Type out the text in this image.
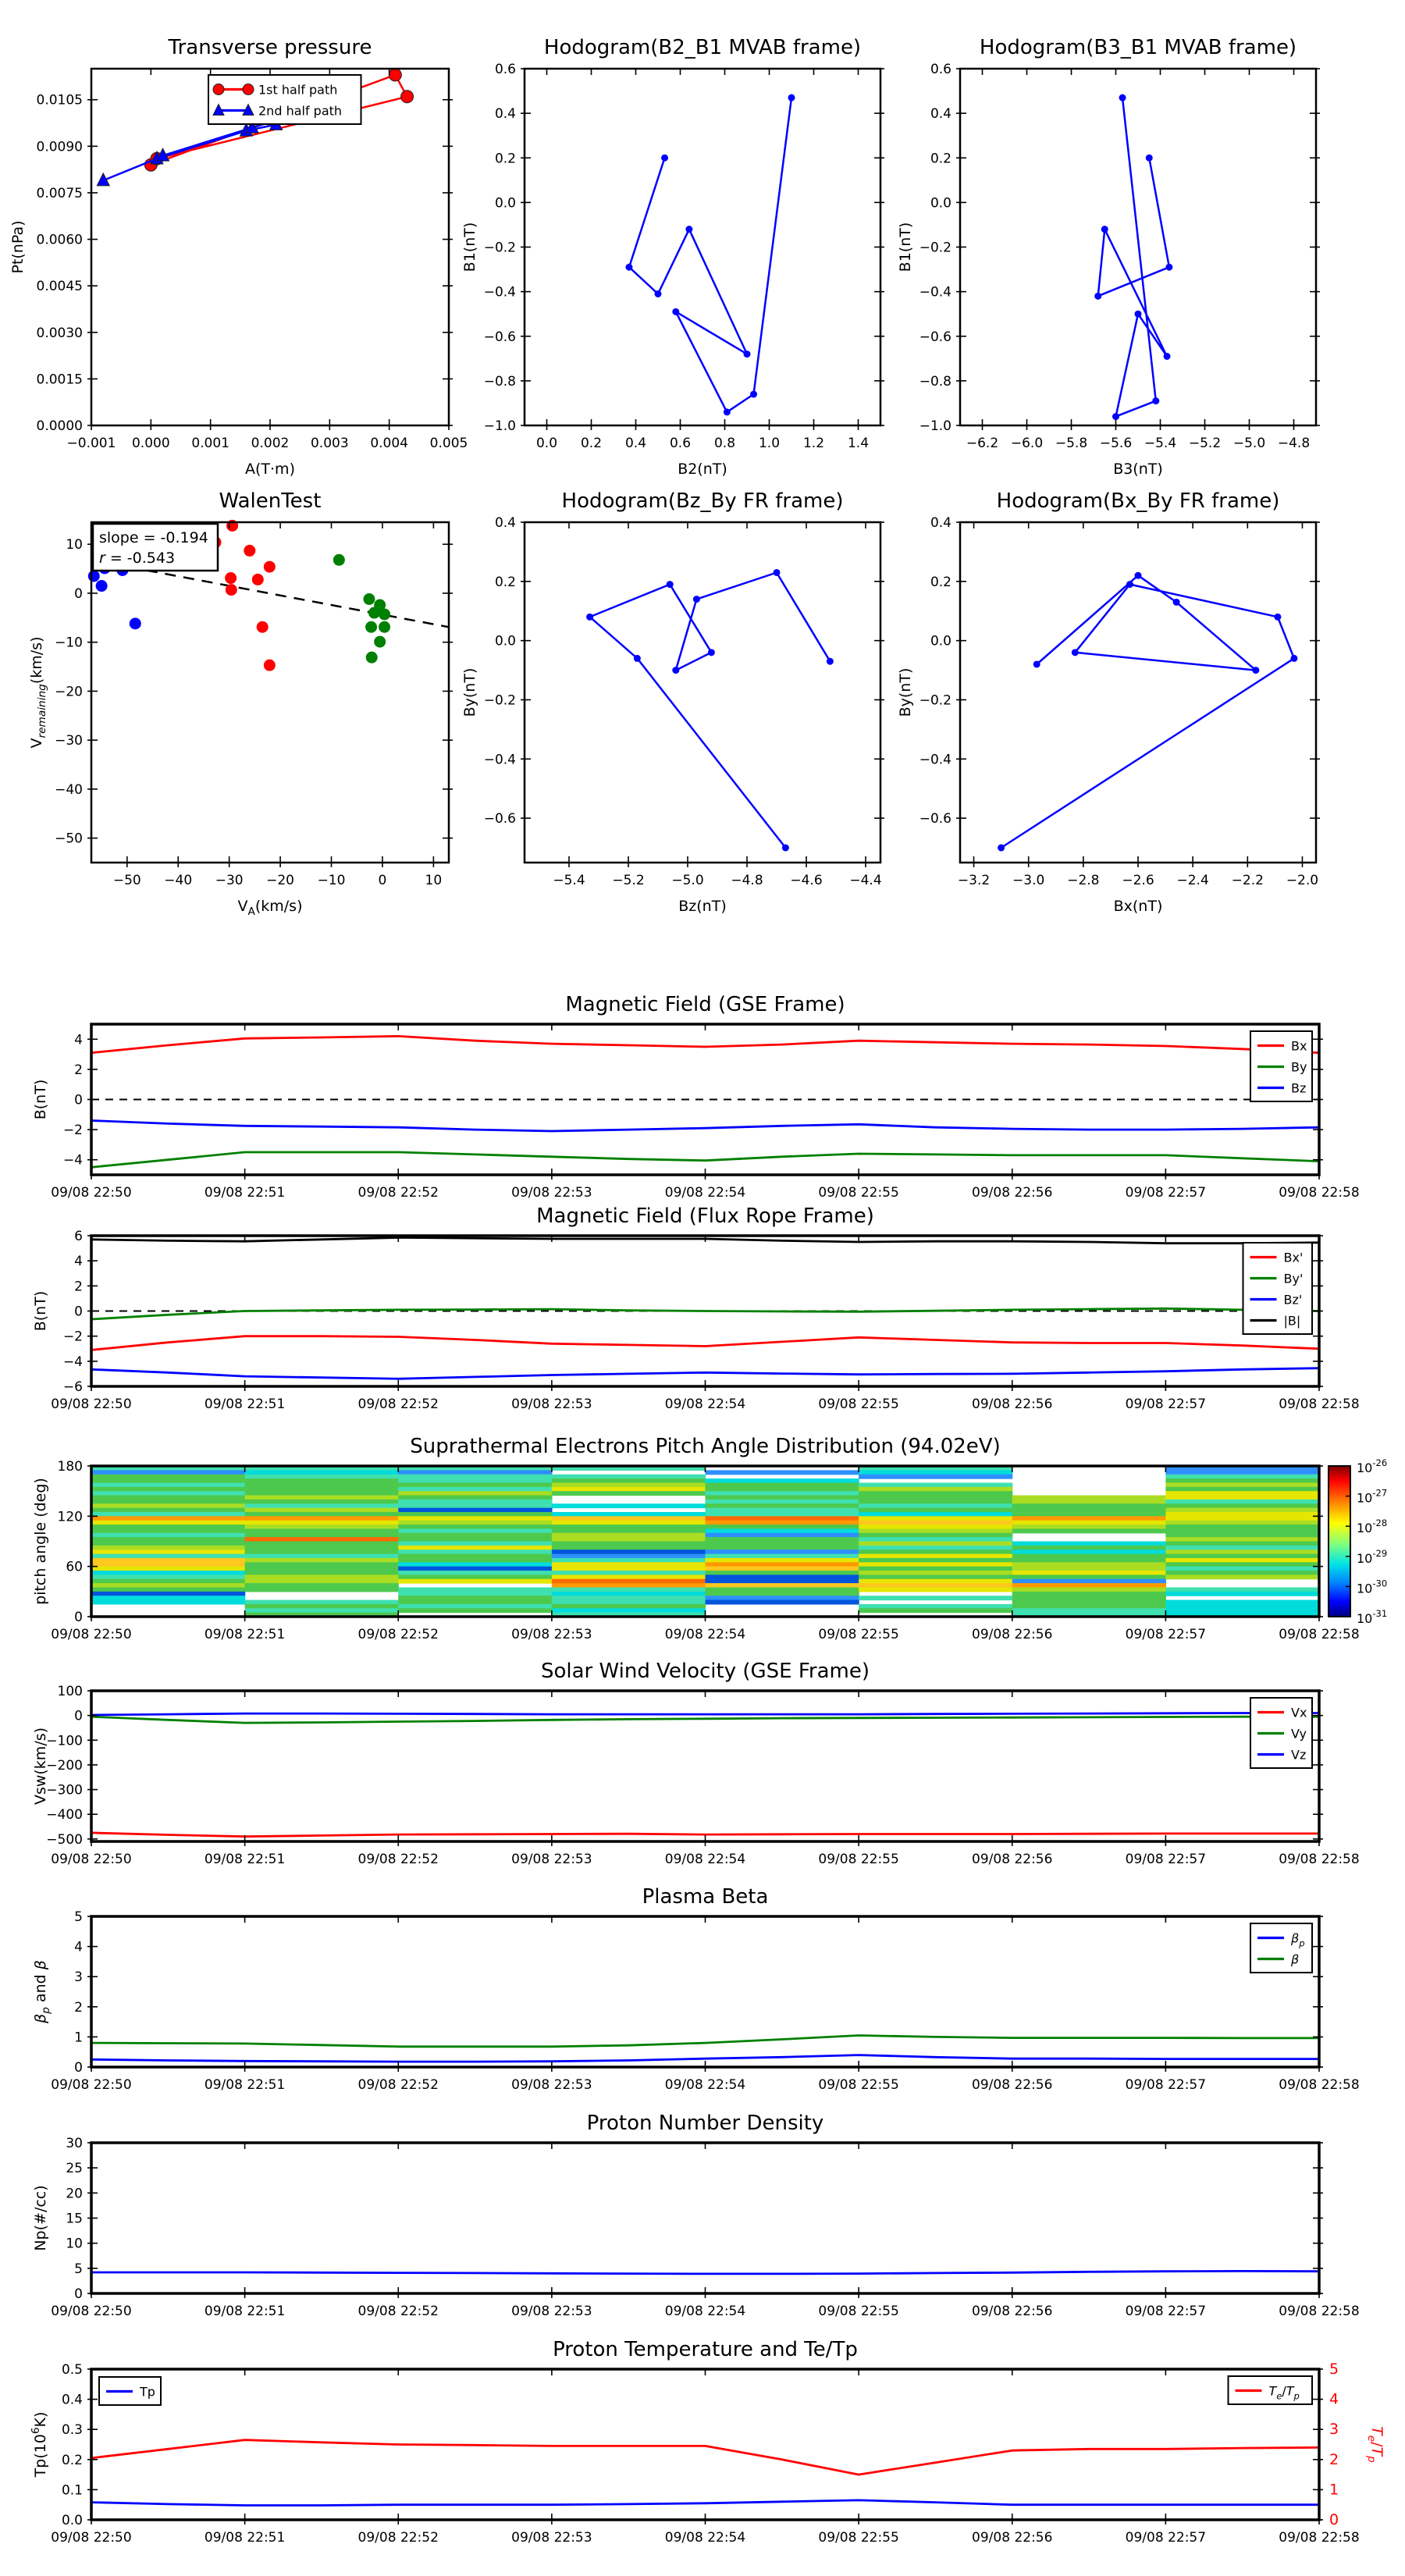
−0.001 0.000 0.001 0.002 0.003 0.004 0.005
0.0000
0.0015
0.0030
0.0045
0.0060
0.0075
0.0090
0.0105
A(T·m)
Pt(nPa)
1st half path
2nd half path
0.0 0.2 0.4 0.6 0.8 1.0 1.2 1.4
0.6
0.4
0.2
0.0
−0.2
−0.4
−0.6
−0.8
−1.0
B2(nT)
B1(nT)
−6.2 −6.0 −5.8 −5.6 −5.4 −5.2 −5.0 −4.8
0.6
0.4
0.2
0.0
−0.2
−0.4
−0.6
−0.8
−1.0
B3(nT)
B1(nT)
−50 −40 −30 −20 −10 0	10
10
0
−10
−20
−30
−40
−50
$V_A(km/s)$
$V_{remaining}(km/s)$
slope = -0.194
r = -0.543
−5.4 −5.2 −5.0 −4.8 −4.6 −4.4
0.4
0.2
0.0
−0.2
−0.4
−0.6
Bz(nT)
By(nT)
−3.2 −3.0 −2.8 −2.6 −2.4 −2.2 −2.0
0.4
0.2
0.0
−0.2
−0.4
−0.6
Bx(nT)
By(nT)
09/08 22:50	09/08 22:51	09/08 22:52	09/08 22:53	09/08 22:54	09/08 22:55	09/08 22:56	09/08 22:57	09/08 22:58
−4
−2
0
2
4
B(nT)
Bx
By
Bz
09/08 22:50	09/08 22:51	09/08 22:52	09/08 22:53	09/08 22:54	09/08 22:55	09/08 22:56	09/08 22:57	09/08 22:58
−6
−4
−2
0
2
4
6
B(nT)
Bx'
By'
Bz'
|B|
09/08 22:50	09/08 22:51	09/08 22:52	09/08 22:53	09/08 22:54	09/08 22:55	09/08 22:56	09/08 22:57	09/08 22:58
0
60
120
180
pitch angle (deg)
$10^{-26}$
$10^{-27}$
$10^{-28}$
$10^{-29}$
$10^{-30}$
$10^{-31}$
09/08 22:50	09/08 22:51	09/08 22:52	09/08 22:53	09/08 22:54	09/08 22:55	09/08 22:56	09/08 22:57	09/08 22:58
100
0
−100
−200
−300
−400
−500
Vsw(km/s)
Vx
Vy
Vz
09/08 22:50	09/08 22:51	09/08 22:52	09/08 22:53	09/08 22:54	09/08 22:55	09/08 22:56	09/08 22:57	09/08 22:58
0
1
2
3
4
5
$\beta_p$ and β
$\beta_p$
β
09/08 22:50	09/08 22:51	09/08 22:52	09/08 22:53	09/08 22:54	09/08 22:55	09/08 22:56	09/08 22:57	09/08 22:58
0
5
10
15
20
25
30
Np(#/cc)
09/08 22:50	09/08 22:51	09/08 22:52	09/08 22:53	09/08 22:54	09/08 22:55	09/08 22:56	09/08 22:57	09/08 22:58
0.0
0.1
0.2
0.3
0.4
0.5
0
1
2
3
4
5
$Tp(10^6K)$
$T_e/T_p$
Tp	$T_e/T_p$
Transverse pressure	Hodogram(B2_B1 MVAB frame)	Hodogram(B3_B1 MVAB frame)
WalenTest	Hodogram(Bz_By FR frame)	Hodogram(Bx_By FR frame)
Magnetic Field (GSE Frame)
Magnetic Field (Flux Rope Frame)
Suprathermal Electrons Pitch Angle Distribution (94.02eV)
Solar Wind Velocity (GSE Frame)
Plasma Beta
Proton Number Density
Proton Temperature and Te/Tp
